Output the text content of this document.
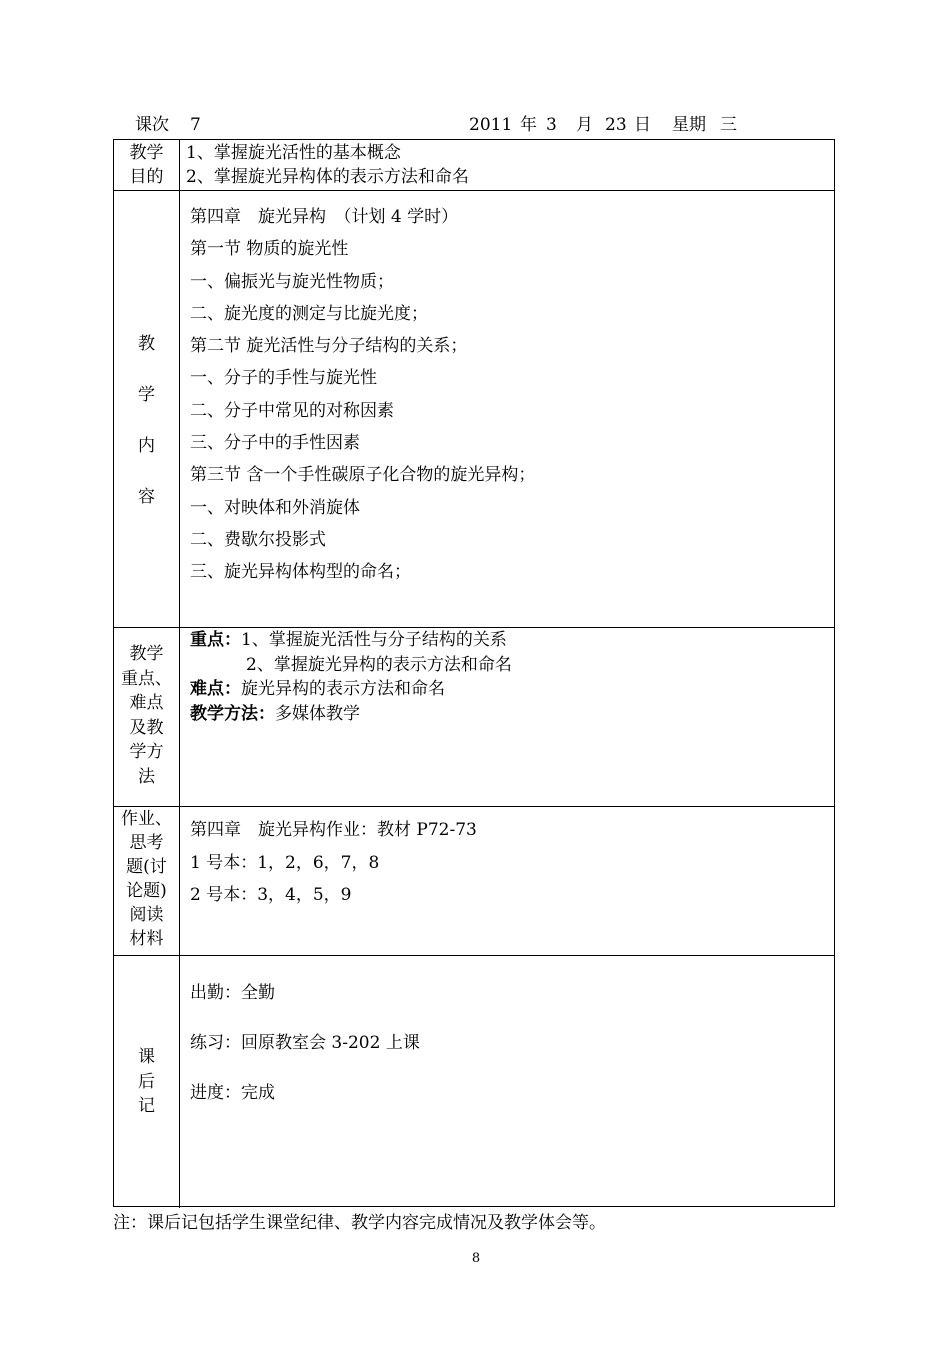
课次 7	2011 年 3 月 23 日 星期 三
教学
目的
1、掌握旋光活性的基本概念
2、掌握旋光异构体的表示方法和命名
教
学
内
容
第四章　旋光异构　（计划 4 学时）
第一节 物质的旋光性
一、偏振光与旋光性物质；
二、旋光度的测定与比旋光度；
第二节 旋光活性与分子结构的关系；
一、分子的手性与旋光性
二、分子中常见的对称因素
三、分子中的手性因素
第三节 含一个手性碳原子化合物的旋光异构；
一、对映体和外消旋体
二、费歇尔投影式
三、旋光异构体构型的命名；
教学
重点、
难点
及教
学方
法
重点：1、掌握旋光活性与分子结构的关系
2、掌握旋光异构的表示方法和命名
难点：旋光异构的表示方法和命名
教学方法：多媒体教学
作业、
思考
题(讨
论题)
阅读
材料
第四章　旋光异构作业：教材 P72-73
1 号本：1，2，6，7，8
2 号本：3，4，5，9
课
后
记
出勤：全勤
练习：回原教室会 3-202 上课
进度：完成
注：课后记包括学生课堂纪律、教学内容完成情况及教学体会等。
8
